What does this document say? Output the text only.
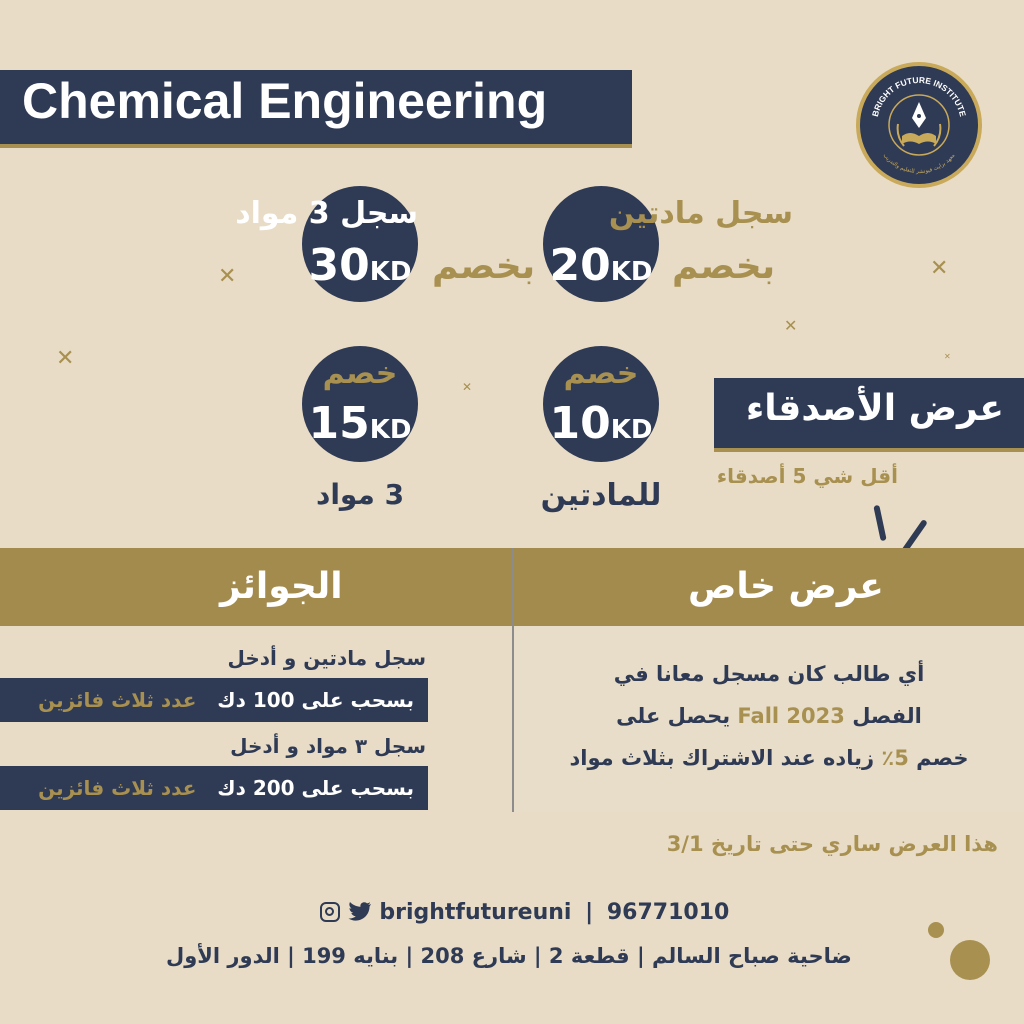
Chemical Engineering	BRIGHT FUTURE INSTITUTE
معهد برايت فيوتشر للتعليم والتدريب
سجل 3 مواد
30KD بخصم
سجل مادتين
20KD بخصم
✕	✕
✕
✕
✕
✕
خصم
15KD
3 مواد
خصم
10KD
للمادتين
عرض الأصدقاء
أقل شي 5 أصدقاء
عرض خاص
الجوائز
أي طالب كان مسجل معانا في
الفصل Fall 2023 يحصل على
خصم 5٪ زياده عند الاشتراك بثلاث مواد
سجل مادتين و أدخل
بسحب على 100 دك   عدد ثلاث فائزين
سجل ٣ مواد و أدخل
بسحب على 200 دك   عدد ثلاث فائزين
هذا العرض ساري حتى تاريخ 3/1
brightfutureuni | 96771010
ضاحية صباح السالم | قطعة 2 | شارع 208 | بنايه 199 | الدور الأول
